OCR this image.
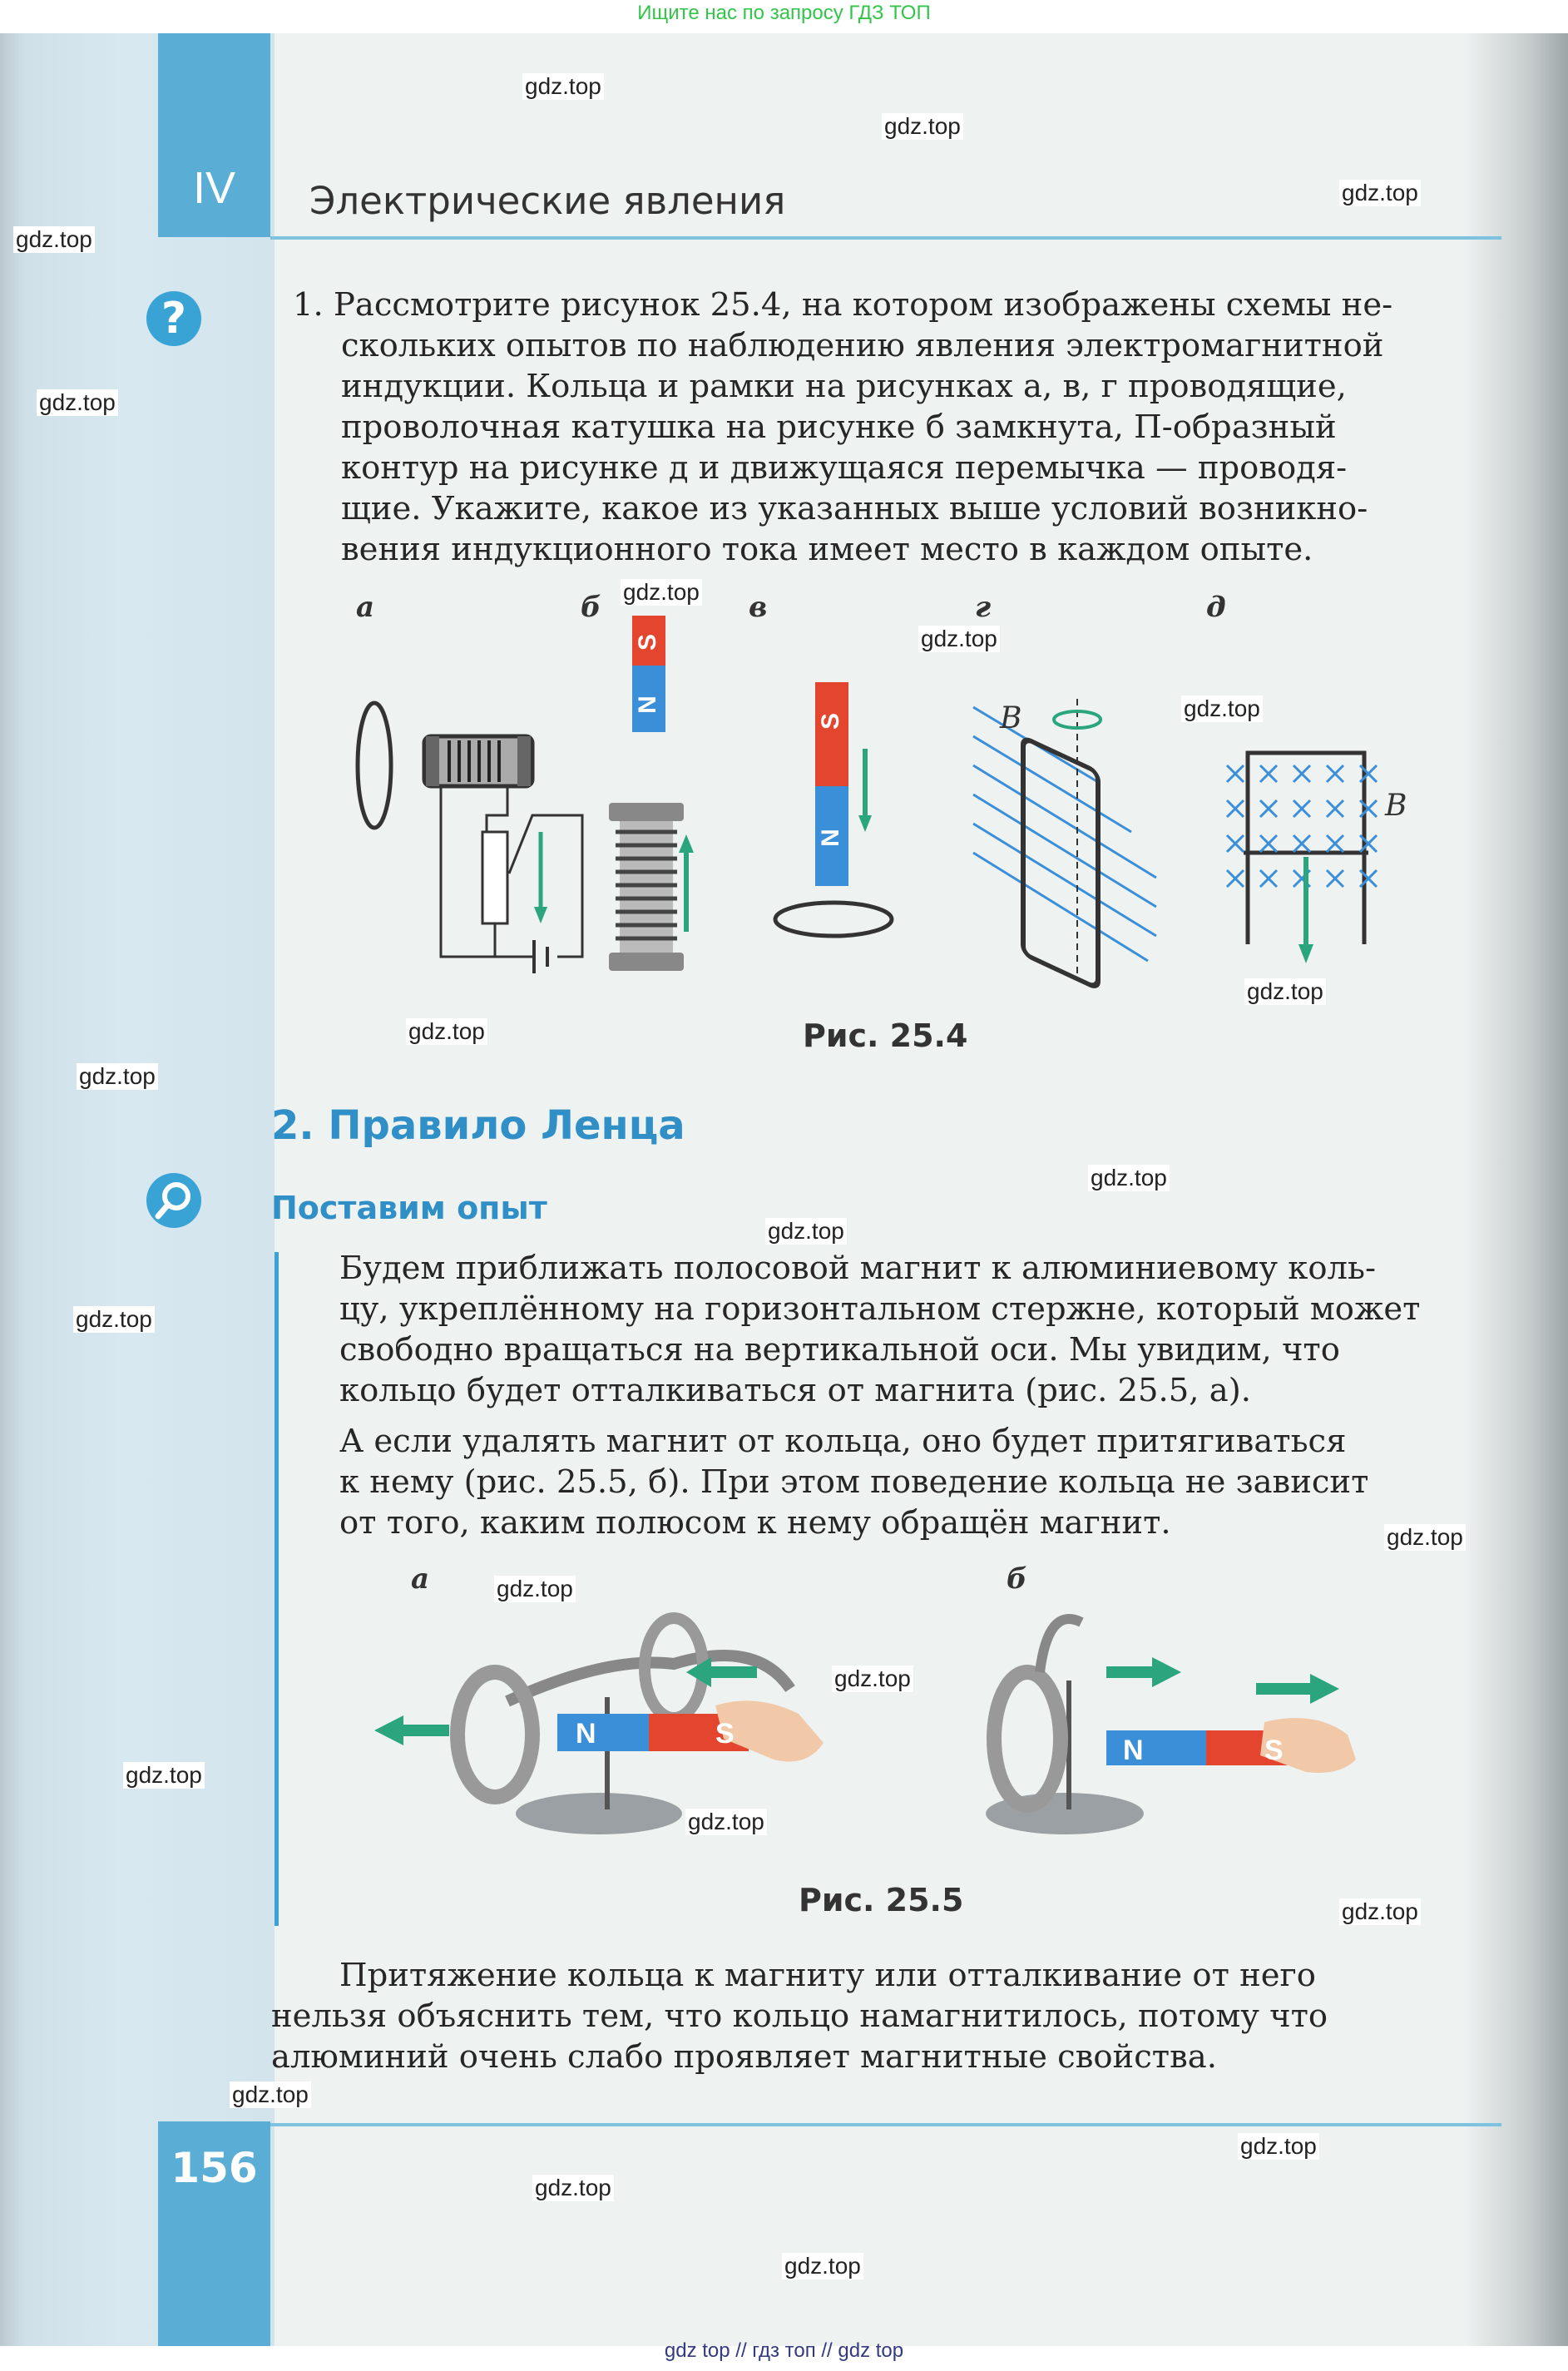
Ищите нас по запросу ГДЗ ТОП
IV	Электрические явления
?	1. Рассмотрите рисунок 25.4, на котором изображены схемы не-

скольких опытов по наблюдению явления электромагнитной

индукции. Кольца и рамки на рисунках а, в, г проводящие,

проволочная катушка на рисунке б замкнута, П-образный

контур на рисунке д и движущаяся перемычка — проводя-

щие. Укажите, какое из указанных выше условий возникно-

вения индукционного тока имеет место в каждом опыте.

а	б	в	г	д
S
N
S
N
B
B
Рис. 25.4
2. Правило Ленца
Поставим опыт

Будем приближать полосовой магнит к алюминиевому коль-

цу, укреплённому на горизонтальном стержне, который может

свободно вращаться на вертикальной оси. Мы увидим, что

кольцо будет отталкиваться от магнита (рис. 25.5, а).

А если удалять магнит от кольца, оно будет притягиваться

к нему (рис. 25.5, б). При этом поведение кольца не зависит

от того, каким полюсом к нему обращён магнит.

а	б
N	S
N	S
Рис. 25.5

Притяжение кольца к магниту или отталкивание от него

нельзя объяснить тем, что кольцо намагнитилось, потому что

алюминий очень слабо проявляет магнитные свойства.

156
gdz.top
gdz.top
gdz.top
gdz.top
gdz.top
gdz.top
gdz.top
gdz.top
gdz.top
gdz.top
gdz.top
gdz.top
gdz.top
gdz.top
gdz.top
gdz.top
gdz.top
gdz.top
gdz.top
gdz.top
gdz.top
gdz.top
gdz.top
gdz.top
gdz top // гдз топ // gdz top
